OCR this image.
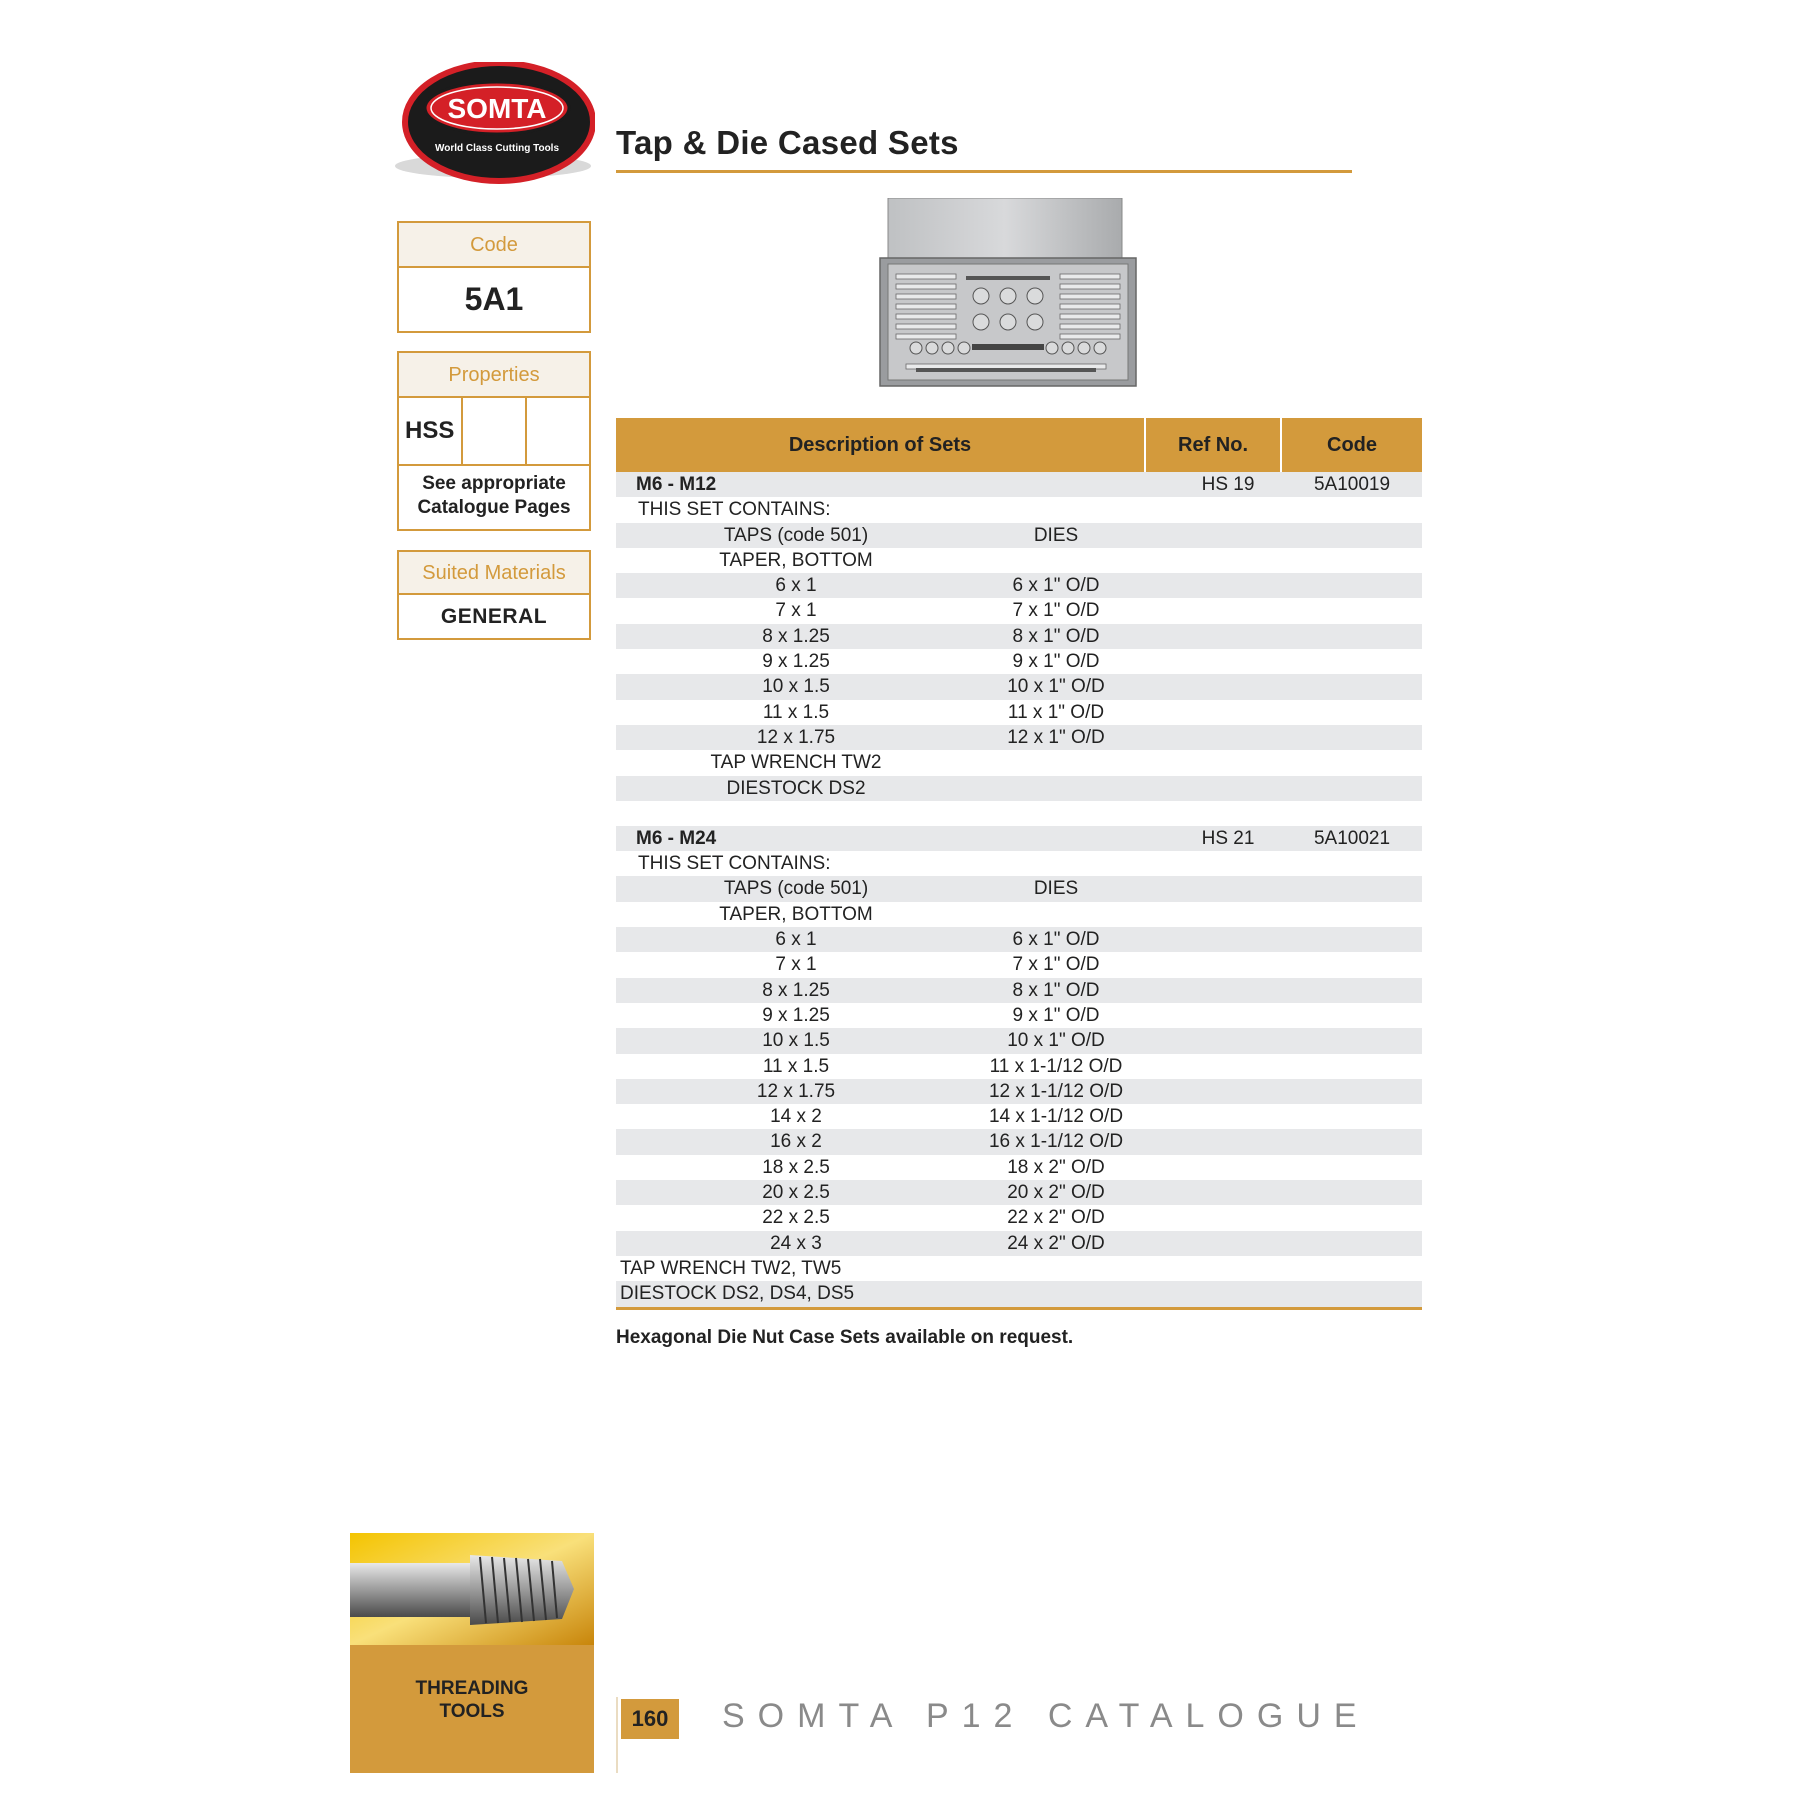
SOMTA
World Class Cutting Tools Tap & Die Cased Sets
Code
5A1
Properties
HSS
See appropriate
Catalogue Pages
Suited Materials
GENERAL
Description of Sets	Ref No.	Code
M6 - M12	HS 19	5A10019
THIS SET CONTAINS:
TAPS (code 501)	DIES
TAPER, BOTTOM
6 x 1	6 x 1" O/D
7 x 1	7 x 1" O/D
8 x 1.25	8 x 1" O/D
9 x 1.25	9 x 1" O/D
10 x 1.5	10 x 1" O/D
11 x 1.5	11 x 1" O/D
12 x 1.75	12 x 1" O/D
TAP WRENCH TW2
DIESTOCK DS2
M6 - M24	HS 21	5A10021
THIS SET CONTAINS:
TAPS (code 501)	DIES
TAPER, BOTTOM
6 x 1	6 x 1" O/D
7 x 1	7 x 1" O/D
8 x 1.25	8 x 1" O/D
9 x 1.25	9 x 1" O/D
10 x 1.5	10 x 1" O/D
11 x 1.5	11 x 1-1/12 O/D
12 x 1.75	12 x 1-1/12 O/D
14 x 2	14 x 1-1/12 O/D
16 x 2	16 x 1-1/12 O/D
18 x 2.5	18 x 2" O/D
20 x 2.5	20 x 2" O/D
22 x 2.5	22 x 2" O/D
24 x 3	24 x 2" O/D
TAP WRENCH TW2, TW5
DIESTOCK DS2, DS4, DS5
Hexagonal Die Nut Case Sets available on request.
THREADING
TOOLS	160	SOMTA P12 CATALOGUE
